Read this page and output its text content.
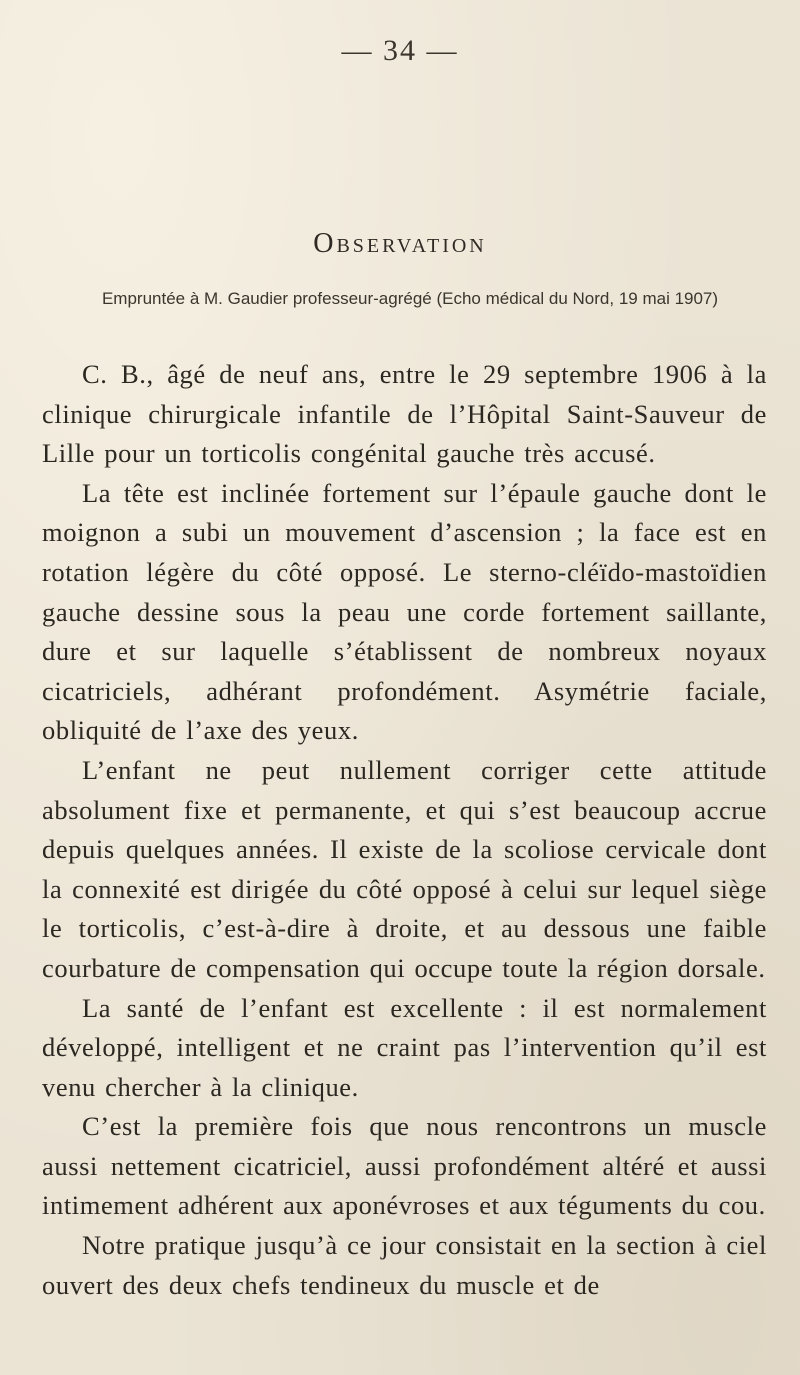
— 34 —
Observation
Empruntée à M. Gaudier professeur-agrégé (Echo médical du Nord, 19 mai 1907)

C. B., âgé de neuf ans, entre le 29 septembre 1906 à la clinique chirurgicale infantile de l’Hôpital Saint-Sauveur de Lille pour un torticolis congénital gauche très accusé.

La tête est inclinée fortement sur l’épaule gauche dont le moignon a subi un mouvement d’ascension ; la face est en rotation légère du côté opposé. Le sterno-cléïdo-mastoïdien gauche dessine sous la peau une corde fortement saillante, dure et sur laquelle s’établissent de nombreux noyaux cicatriciels, adhérant profondément. Asymétrie faciale, obliquité de l’axe des yeux.

L’enfant ne peut nullement corriger cette attitude absolument fixe et permanente, et qui s’est beaucoup accrue depuis quelques années. Il existe de la scoliose cervicale dont la connexité est dirigée du côté opposé à celui sur lequel siège le torticolis, c’est-à-dire à droite, et au dessous une faible courbature de compensation qui occupe toute la région dorsale.

La santé de l’enfant est excellente : il est normalement développé, intelligent et ne craint pas l’intervention qu’il est venu chercher à la clinique.

C’est la première fois que nous rencontrons un muscle aussi nettement cicatriciel, aussi profondément altéré et aussi intimement adhérent aux aponévroses et aux téguments du cou.

Notre pratique jusqu’à ce jour consistait en la section à ciel ouvert des deux chefs tendineux du muscle et de
